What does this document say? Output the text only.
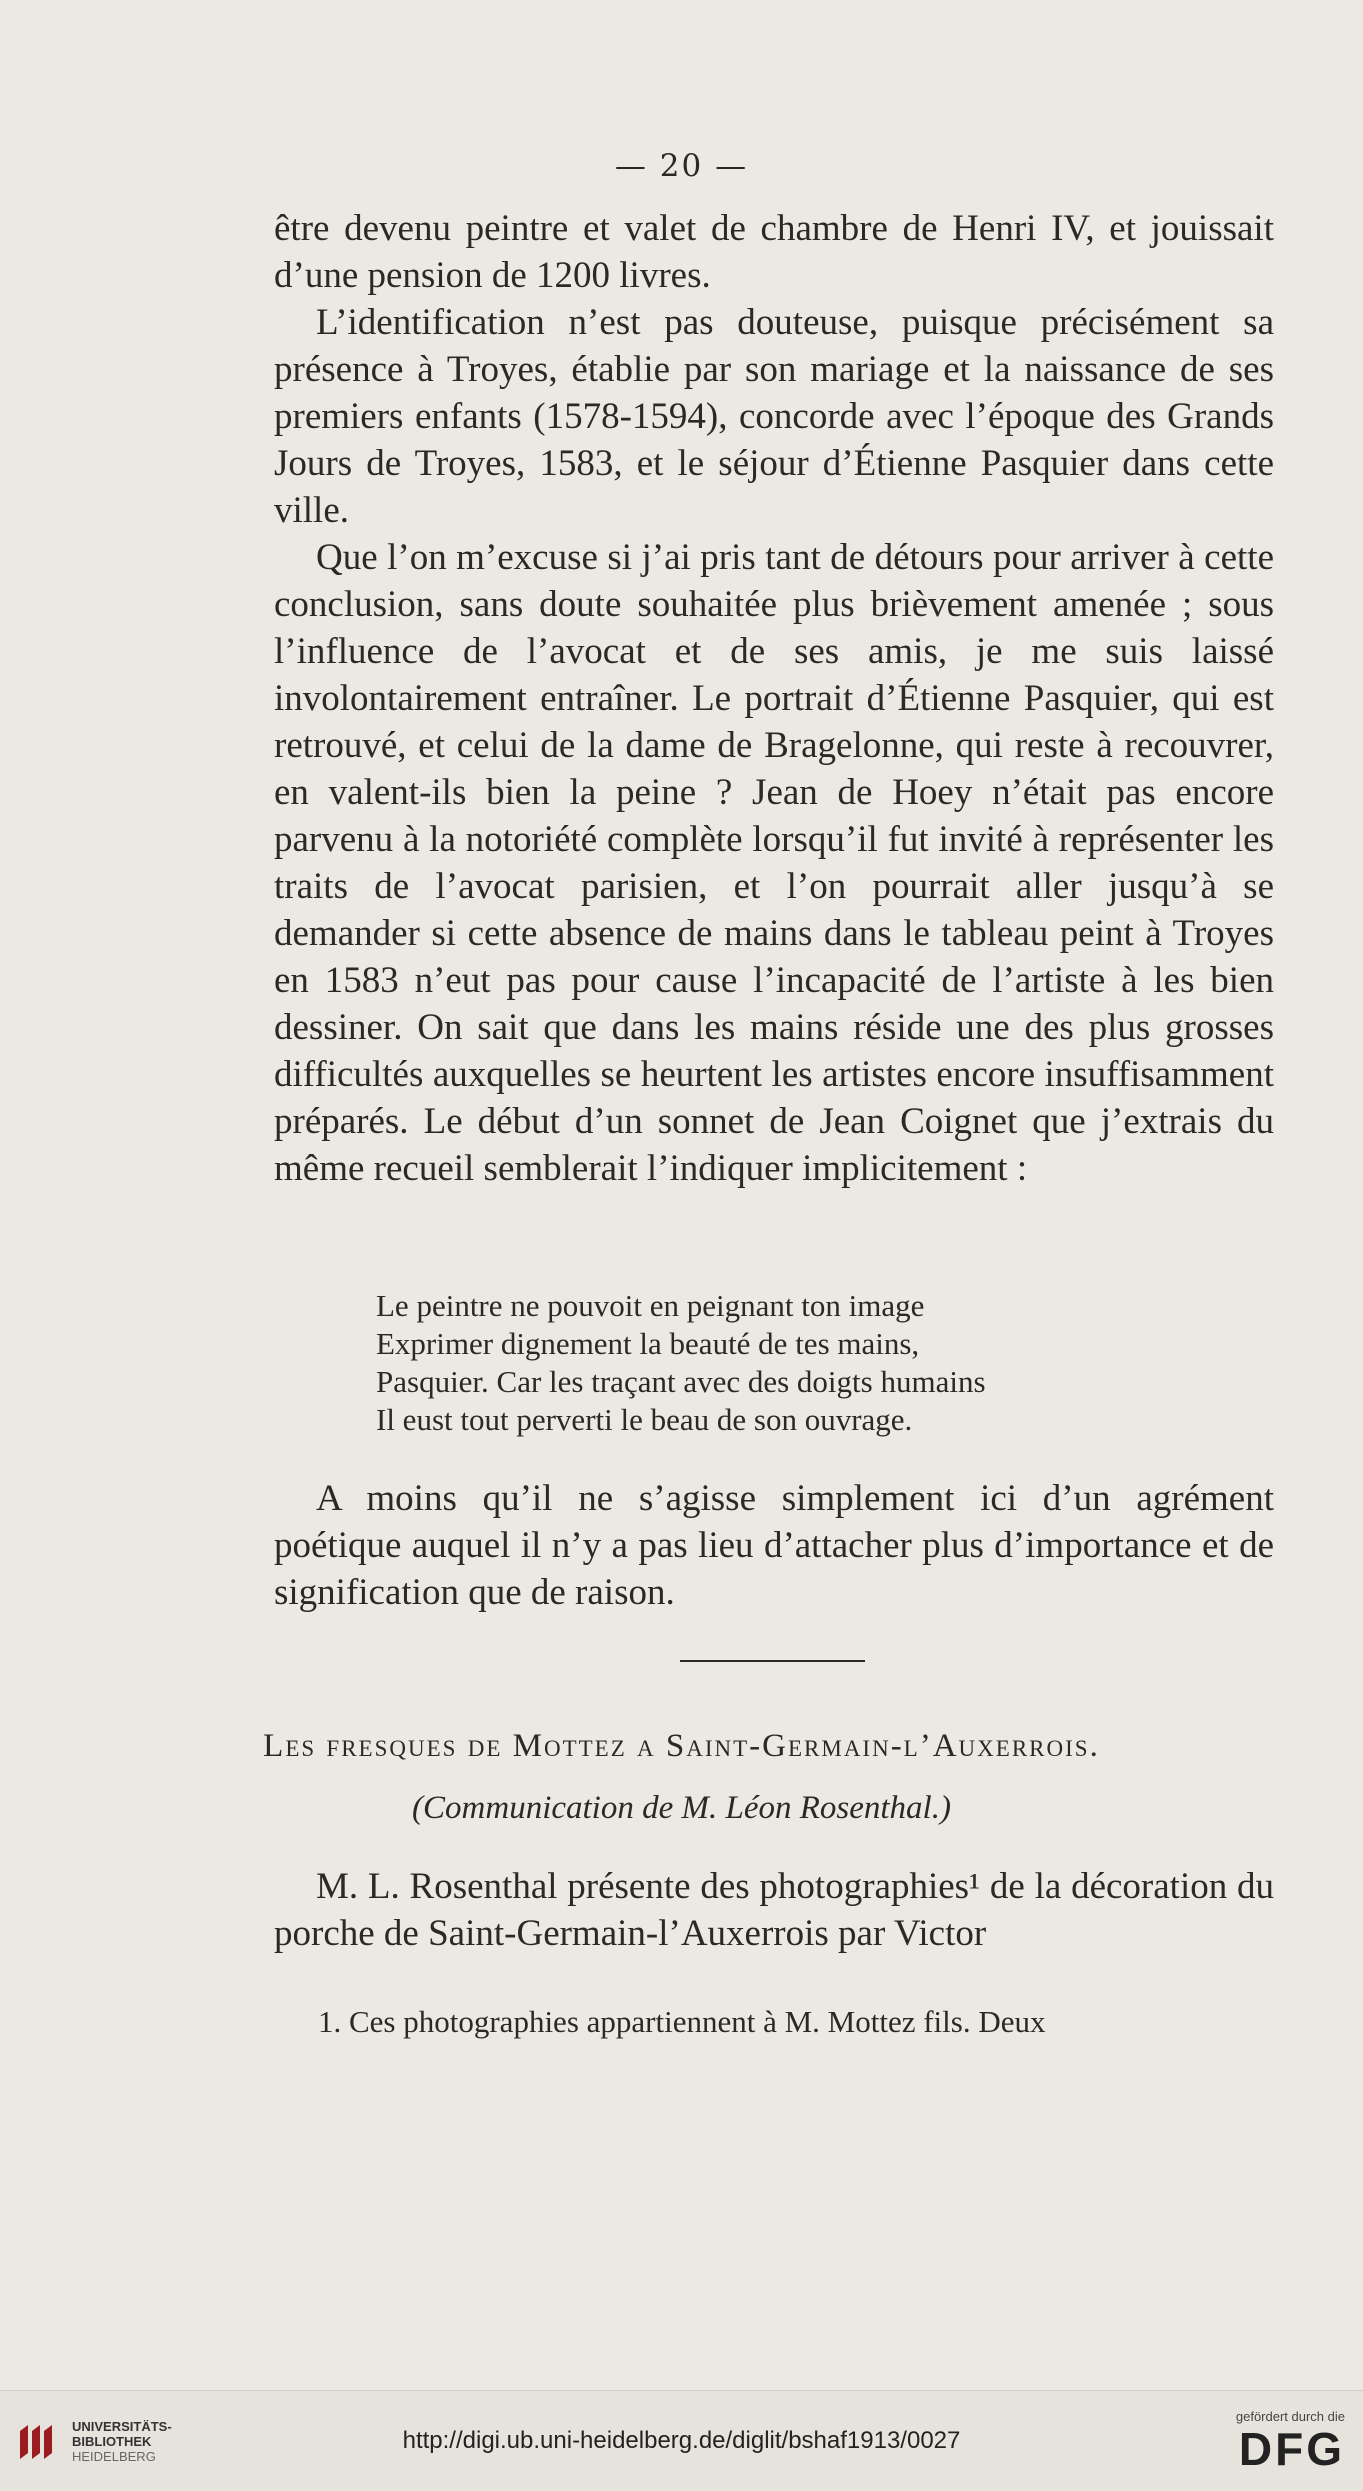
— 20 —

être devenu peintre et valet de chambre de Henri IV, et jouissait d’une pension de 1200 livres.

L’identification n’est pas douteuse, puisque précisément sa présence à Troyes, établie par son mariage et la naissance de ses premiers enfants (1578-1594), concorde avec l’époque des Grands Jours de Troyes, 1583, et le séjour d’Étienne Pasquier dans cette ville.

Que l’on m’excuse si j’ai pris tant de détours pour arriver à cette conclusion, sans doute souhaitée plus brièvement amenée ; sous l’influence de l’avocat et de ses amis, je me suis laissé involontairement entraîner. Le portrait d’Étienne Pasquier, qui est retrouvé, et celui de la dame de Bragelonne, qui reste à recouvrer, en valent-ils bien la peine ? Jean de Hoey n’était pas encore parvenu à la notoriété complète lorsqu’il fut invité à représenter les traits de l’avocat parisien, et l’on pourrait aller jusqu’à se demander si cette absence de mains dans le tableau peint à Troyes en 1583 n’eut pas pour cause l’incapacité de l’artiste à les bien dessiner. On sait que dans les mains réside une des plus grosses difficultés auxquelles se heurtent les artistes encore insuffisamment préparés. Le début d’un sonnet de Jean Coignet que j’extrais du même recueil semblerait l’indiquer implicitement :

Le peintre ne pouvoit en peignant ton image
Exprimer dignement la beauté de tes mains,
Pasquier. Car les traçant avec des doigts humains
Il eust tout perverti le beau de son ouvrage.

A moins qu’il ne s’agisse simplement ici d’un agrément poétique auquel il n’y a pas lieu d’attacher plus d’importance et de signification que de raison.

Les fresques de Mottez a Saint-Germain-l’Auxerrois.
(Communication de M. Léon Rosenthal.)

M. L. Rosenthal présente des photographies¹ de la décoration du porche de Saint-Germain-l’Auxerrois par Victor

1. Ces photographies appartiennent à M. Mottez fils. Deux
UNIVERSITÄTS-
BIBLIOTHEK
HEIDELBERG
http://digi.ub.uni-heidelberg.de/diglit/bshaf1913/0027
gefördert durch die
DFG
